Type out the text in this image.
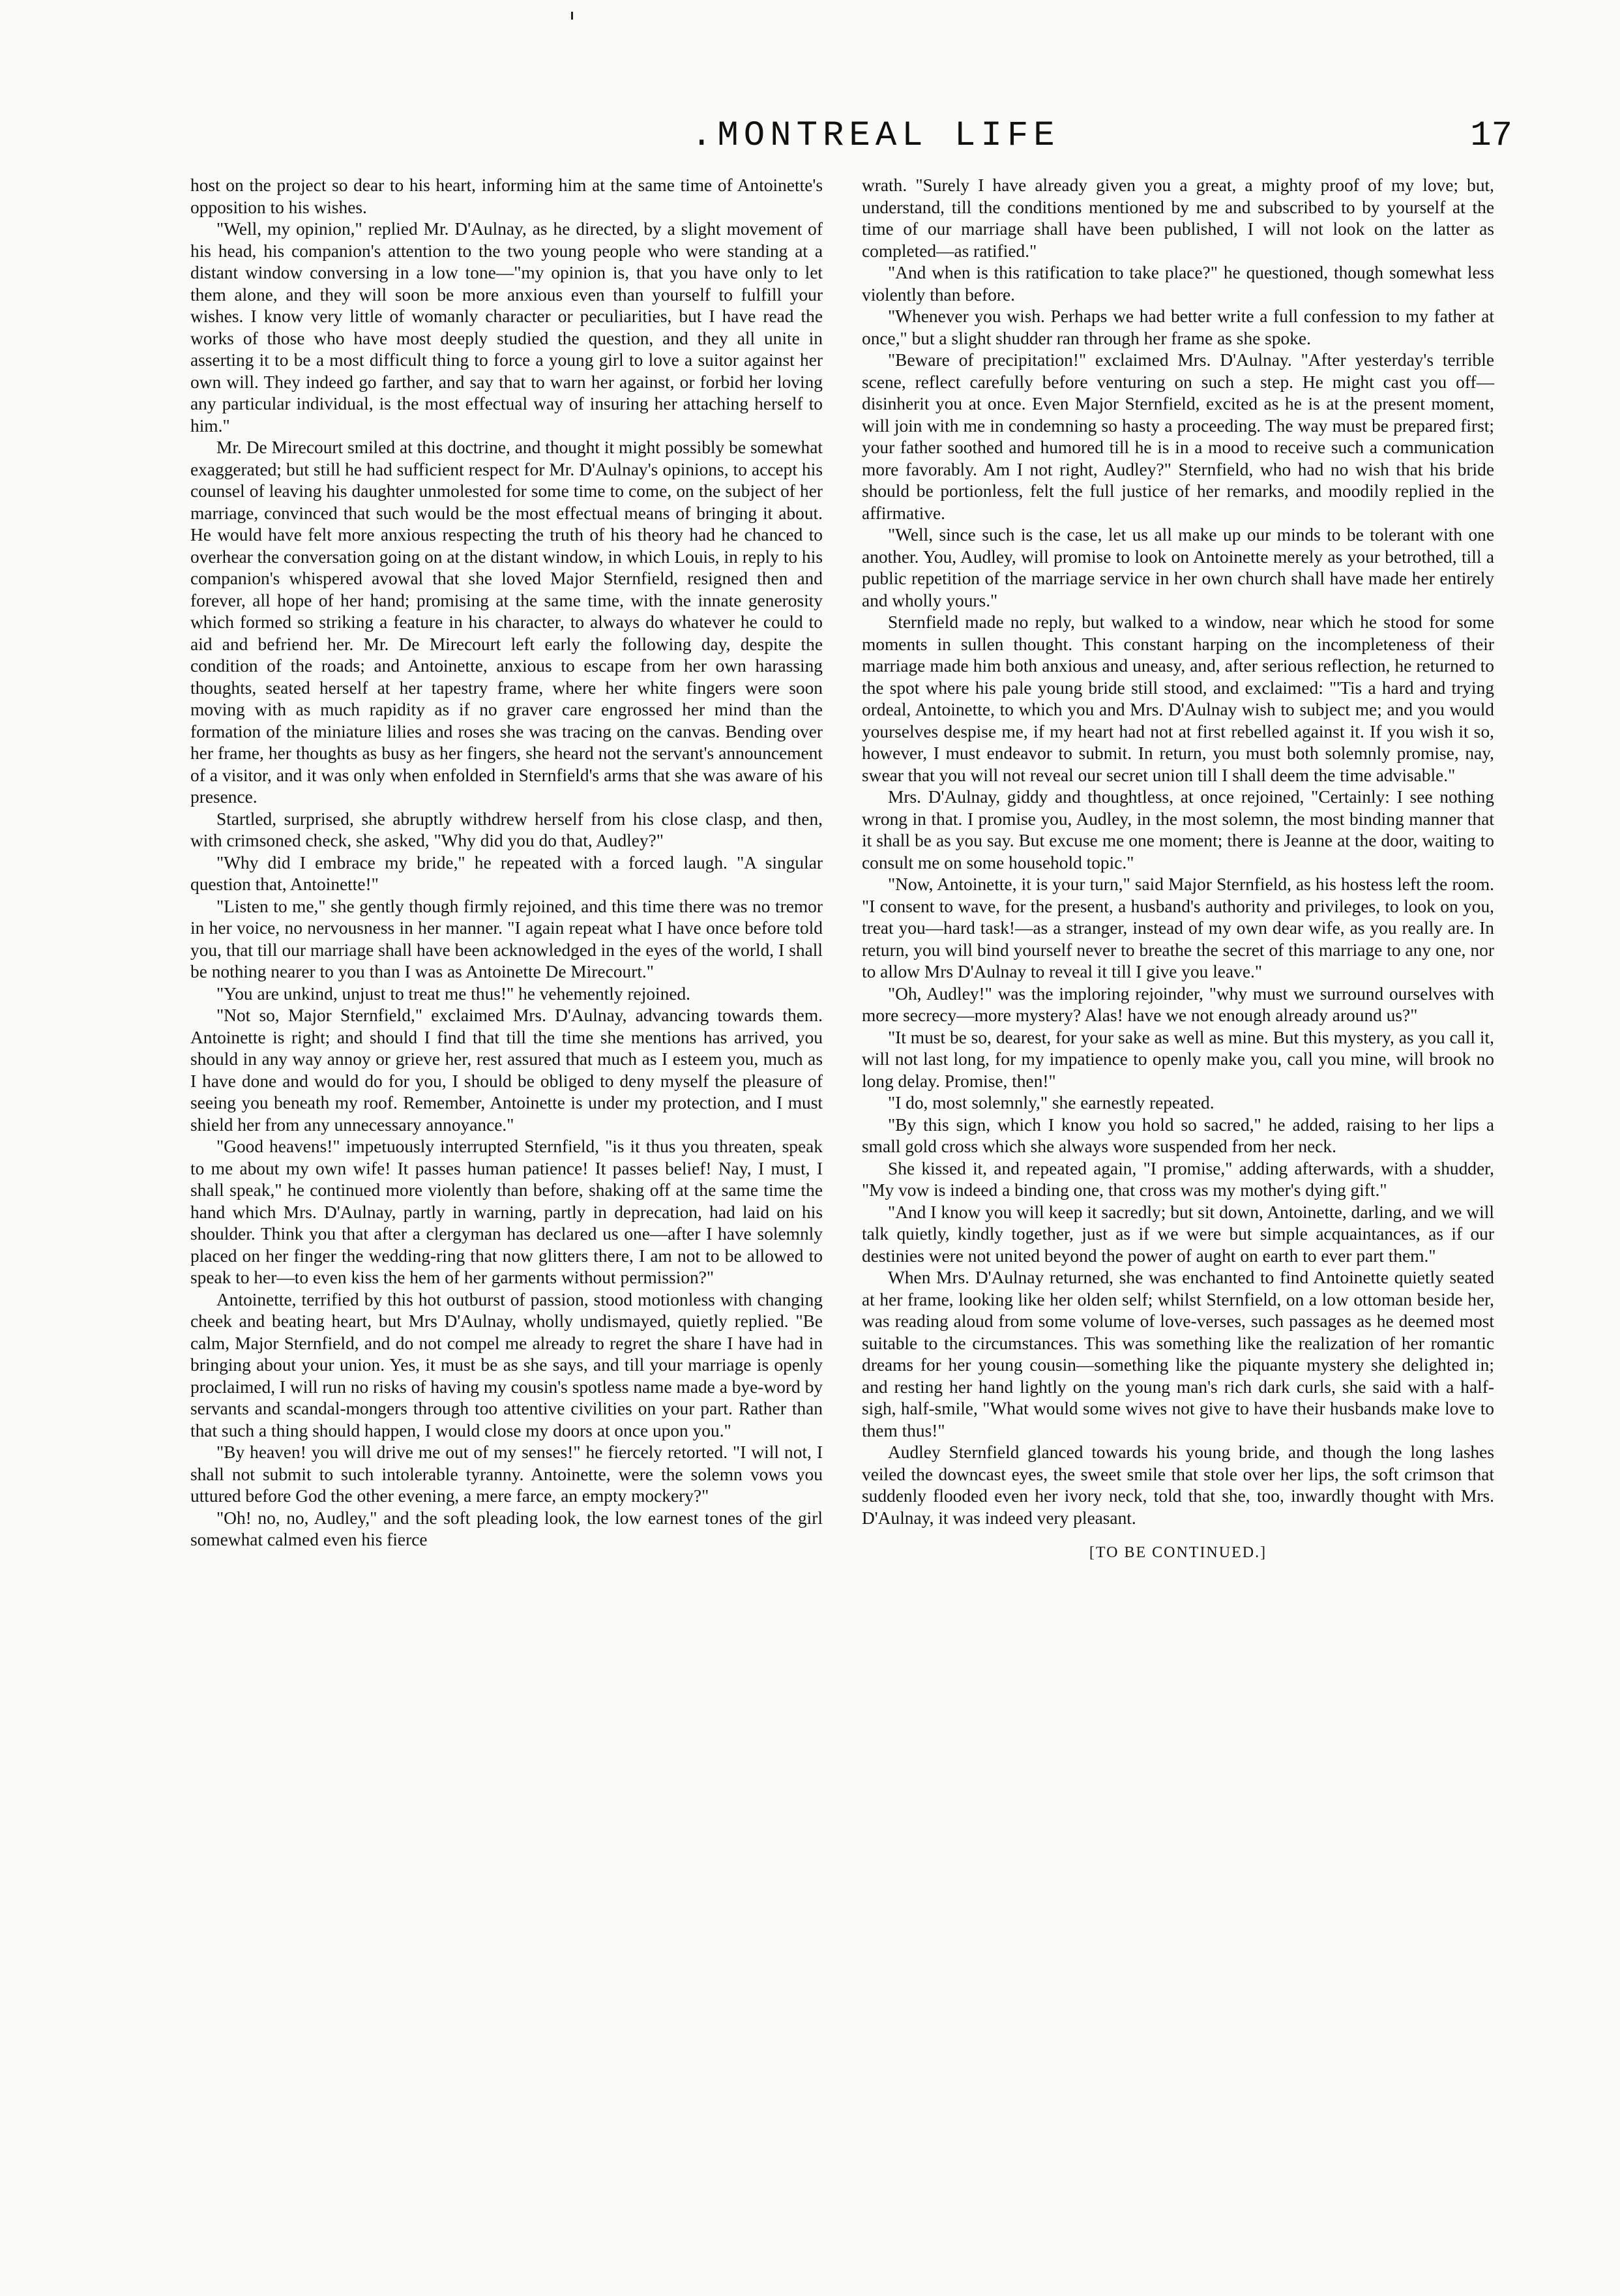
.MONTREAL LIFE	17

host on the project so dear to his heart, informing him at the same time of Antoinette's opposition to his wishes.

"Well, my opinion," replied Mr. D'Aulnay, as he directed, by a slight movement of his head, his companion's attention to the two young people who were standing at a distant window conversing in a low tone—"my opinion is, that you have only to let them alone, and they will soon be more anxious even than yourself to fulfill your wishes. I know very little of womanly character or peculiarities, but I have read the works of those who have most deeply studied the question, and they all unite in asserting it to be a most difficult thing to force a young girl to love a suitor against her own will. They indeed go farther, and say that to warn her against, or forbid her loving any particular individual, is the most effectual way of insuring her attaching herself to him."

Mr. De Mirecourt smiled at this doctrine, and thought it might possibly be somewhat exaggerated; but still he had sufficient respect for Mr. D'Aulnay's opinions, to accept his counsel of leaving his daughter unmolested for some time to come, on the subject of her marriage, convinced that such would be the most effectual means of bringing it about. He would have felt more anxious respecting the truth of his theory had he chanced to overhear the conversation going on at the distant window, in which Louis, in reply to his companion's whispered avowal that she loved Major Sternfield, resigned then and forever, all hope of her hand; promising at the same time, with the innate generosity which formed so striking a feature in his character, to always do whatever he could to aid and befriend her. Mr. De Mirecourt left early the following day, despite the condition of the roads; and Antoinette, anxious to escape from her own harassing thoughts, seated herself at her tapestry frame, where her white fingers were soon moving with as much rapidity as if no graver care engrossed her mind than the formation of the miniature lilies and roses she was tracing on the canvas. Bending over her frame, her thoughts as busy as her fingers, she heard not the servant's announcement of a visitor, and it was only when enfolded in Sternfield's arms that she was aware of his presence.

Startled, surprised, she abruptly withdrew herself from his close clasp, and then, with crimsoned check, she asked, "Why did you do that, Audley?"

"Why did I embrace my bride," he repeated with a forced laugh. "A singular question that, Antoinette!"

"Listen to me," she gently though firmly rejoined, and this time there was no tremor in her voice, no nervousness in her manner. "I again repeat what I have once before told you, that till our marriage shall have been acknowledged in the eyes of the world, I shall be nothing nearer to you than I was as Antoinette De Mirecourt."

"You are unkind, unjust to treat me thus!" he vehemently rejoined.

"Not so, Major Sternfield," exclaimed Mrs. D'Aulnay, advancing towards them. Antoinette is right; and should I find that till the time she mentions has arrived, you should in any way annoy or grieve her, rest assured that much as I esteem you, much as I have done and would do for you, I should be obliged to deny myself the pleasure of seeing you beneath my roof. Remember, Antoinette is under my protection, and I must shield her from any unnecessary annoyance."

"Good heavens!" impetuously interrupted Sternfield, "is it thus you threaten, speak to me about my own wife! It passes human patience! It passes belief! Nay, I must, I shall speak," he continued more violently than before, shaking off at the same time the hand which Mrs. D'Aulnay, partly in warning, partly in deprecation, had laid on his shoulder. Think you that after a clergyman has declared us one—after I have solemnly placed on her finger the wedding-ring that now glitters there, I am not to be allowed to speak to her—to even kiss the hem of her garments without permission?"

Antoinette, terrified by this hot outburst of passion, stood motionless with changing cheek and beating heart, but Mrs D'Aulnay, wholly undismayed, quietly replied. "Be calm, Major Sternfield, and do not compel me already to regret the share I have had in bringing about your union. Yes, it must be as she says, and till your marriage is openly proclaimed, I will run no risks of having my cousin's spotless name made a bye-word by servants and scandal-mongers through too attentive civilities on your part. Rather than that such a thing should happen, I would close my doors at once upon you."

"By heaven! you will drive me out of my senses!" he fiercely retorted. "I will not, I shall not submit to such intolerable tyranny. Antoinette, were the solemn vows you uttured before God the other evening, a mere farce, an empty mockery?"

"Oh! no, no, Audley," and the soft pleading look, the low earnest tones of the girl somewhat calmed even his fierce

wrath. "Surely I have already given you a great, a mighty proof of my love; but, understand, till the conditions mentioned by me and subscribed to by yourself at the time of our marriage shall have been published, I will not look on the latter as completed—as ratified."

"And when is this ratification to take place?" he questioned, though somewhat less violently than before.

"Whenever you wish. Perhaps we had better write a full confession to my father at once," but a slight shudder ran through her frame as she spoke.

"Beware of precipitation!" exclaimed Mrs. D'Aulnay. "After yesterday's terrible scene, reflect carefully before venturing on such a step. He might cast you off—disinherit you at once. Even Major Sternfield, excited as he is at the present moment, will join with me in condemning so hasty a proceeding. The way must be prepared first; your father soothed and humored till he is in a mood to receive such a communication more favorably. Am I not right, Audley?" Sternfield, who had no wish that his bride should be portionless, felt the full justice of her remarks, and moodily replied in the affirmative.

"Well, since such is the case, let us all make up our minds to be tolerant with one another. You, Audley, will promise to look on Antoinette merely as your betrothed, till a public repetition of the marriage service in her own church shall have made her entirely and wholly yours."

Sternfield made no reply, but walked to a window, near which he stood for some moments in sullen thought. This constant harping on the incompleteness of their marriage made him both anxious and uneasy, and, after serious reflection, he returned to the spot where his pale young bride still stood, and exclaimed: "'Tis a hard and trying ordeal, Antoinette, to which you and Mrs. D'Aulnay wish to subject me; and you would yourselves despise me, if my heart had not at first rebelled against it. If you wish it so, however, I must endeavor to submit. In return, you must both solemnly promise, nay, swear that you will not reveal our secret union till I shall deem the time advisable."

Mrs. D'Aulnay, giddy and thoughtless, at once rejoined, "Certainly: I see nothing wrong in that. I promise you, Audley, in the most solemn, the most binding manner that it shall be as you say. But excuse me one moment; there is Jeanne at the door, waiting to consult me on some household topic."

"Now, Antoinette, it is your turn," said Major Sternfield, as his hostess left the room. "I consent to wave, for the present, a husband's authority and privileges, to look on you, treat you—hard task!—as a stranger, instead of my own dear wife, as you really are. In return, you will bind yourself never to breathe the secret of this marriage to any one, nor to allow Mrs D'Aulnay to reveal it till I give you leave."

"Oh, Audley!" was the imploring rejoinder, "why must we surround ourselves with more secrecy—more mystery? Alas! have we not enough already around us?"

"It must be so, dearest, for your sake as well as mine. But this mystery, as you call it, will not last long, for my impatience to openly make you, call you mine, will brook no long delay. Promise, then!"

"I do, most solemnly," she earnestly repeated.

"By this sign, which I know you hold so sacred," he added, raising to her lips a small gold cross which she always wore suspended from her neck.

She kissed it, and repeated again, "I promise," adding afterwards, with a shudder, "My vow is indeed a binding one, that cross was my mother's dying gift."

"And I know you will keep it sacredly; but sit down, Antoinette, darling, and we will talk quietly, kindly together, just as if we were but simple acquaintances, as if our destinies were not united beyond the power of aught on earth to ever part them."

When Mrs. D'Aulnay returned, she was enchanted to find Antoinette quietly seated at her frame, looking like her olden self; whilst Sternfield, on a low ottoman beside her, was reading aloud from some volume of love-verses, such passages as he deemed most suitable to the circumstances. This was something like the realization of her romantic dreams for her young cousin—something like the piquante mystery she delighted in; and resting her hand lightly on the young man's rich dark curls, she said with a half-sigh, half-smile, "What would some wives not give to have their husbands make love to them thus!"

Audley Sternfield glanced towards his young bride, and though the long lashes veiled the downcast eyes, the sweet smile that stole over her lips, the soft crimson that suddenly flooded even her ivory neck, told that she, too, inwardly thought with Mrs. D'Aulnay, it was indeed very pleasant.

[TO BE CONTINUED.]
